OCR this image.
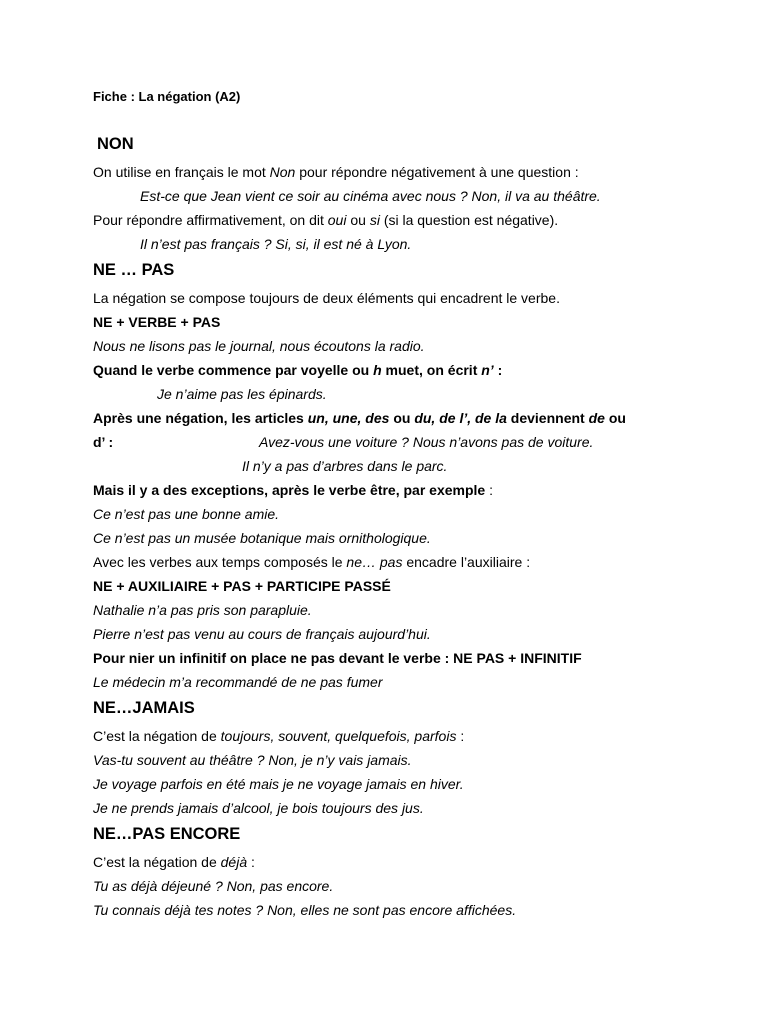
Fiche : La négation (A2)
NON
On utilise en français le mot Non pour répondre négativement à une question :
Est-ce que Jean vient ce soir au cinéma avec nous ? Non, il va au théâtre.
Pour répondre affirmativement, on dit oui ou si (si la question est négative).
Il n’est pas français ? Si, si, il est né à Lyon.
NE … PAS
La négation se compose toujours de deux éléments qui encadrent le verbe.
NE + VERBE + PAS
Nous ne lisons pas le journal, nous écoutons la radio.
Quand le verbe commence par voyelle ou h muet, on écrit n’ :
Je n’aime pas les épinards.
Après une négation, les articles un, une, des ou du, de l’, de la deviennent de ou
d’ :	Avez-vous une voiture ? Nous n’avons pas de voiture.
Il n’y a pas d’arbres dans le parc.
Mais il y a des exceptions, après le verbe être, par exemple :
Ce n’est pas une bonne amie.
Ce n’est pas un musée botanique mais ornithologique.
Avec les verbes aux temps composés le ne… pas encadre l’auxiliaire :
NE + AUXILIAIRE + PAS + PARTICIPE PASSÉ
Nathalie n’a pas pris son parapluie.
Pierre n’est pas venu au cours de français aujourd’hui.
Pour nier un infinitif on place ne pas devant le verbe : NE PAS + INFINITIF
Le médecin m’a recommandé de ne pas fumer
NE…JAMAIS
C’est la négation de toujours, souvent, quelquefois, parfois :
Vas-tu souvent au théâtre ? Non, je n’y vais jamais.
Je voyage parfois en été mais je ne voyage jamais en hiver.
Je ne prends jamais d’alcool, je bois toujours des jus.
NE…PAS ENCORE
C’est la négation de déjà :
Tu as déjà déjeuné ? Non, pas encore.
Tu connais déjà tes notes ? Non, elles ne sont pas encore affichées.
